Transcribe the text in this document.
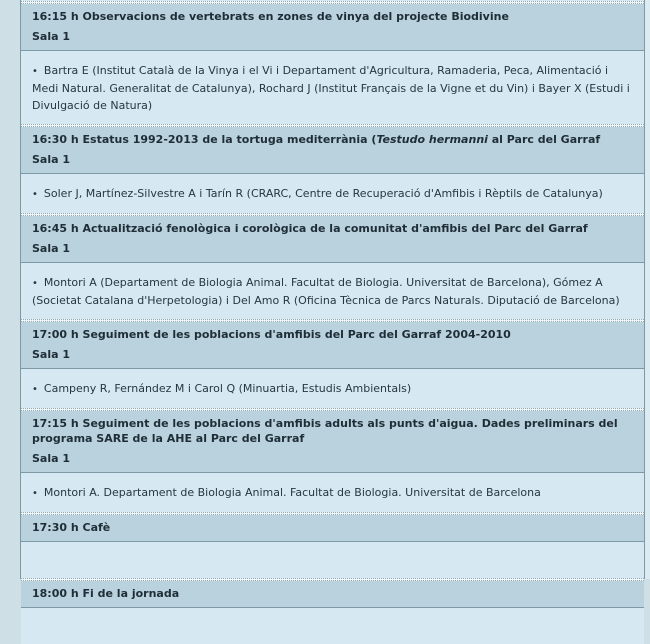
16:15 h Observacions de vertebrats en zones de vinya del projecte Biodivine
Sala 1
• Bartra E (Institut Català de la Vinya i el Vi i Departament d'Agricultura, Ramaderia, Peca, Alimentació i Medi Natural. Generalitat de Catalunya), Rochard J (Institut Français de la Vigne et du Vin) i Bayer X (Estudi i Divulgació de Natura)
16:30 h Estatus 1992-2013 de la tortuga mediterrània (Testudo hermanni al Parc del Garraf
Sala 1
• Soler J, Martínez-Silvestre A i Tarín R (CRARC, Centre de Recuperació d'Amfibis i Rèptils de Catalunya)
16:45 h Actualització fenològica i corològica de la comunitat d'amfibis del Parc del Garraf
Sala 1
• Montori A (Departament de Biologia Animal. Facultat de Biologia. Universitat de Barcelona), Gómez A (Societat Catalana d'Herpetologia) i Del Amo R (Oficina Tècnica de Parcs Naturals. Diputació de Barcelona)
17:00 h Seguiment de les poblacions d'amfibis del Parc del Garraf 2004-2010
Sala 1
• Campeny R, Fernández M i Carol Q (Minuartia, Estudis Ambientals)
17:15 h Seguiment de les poblacions d'amfibis adults als punts d'aigua. Dades preliminars del programa SARE de la AHE al Parc del Garraf
Sala 1
• Montori A. Departament de Biologia Animal. Facultat de Biologia. Universitat de Barcelona
17:30 h Cafè
18:00 h Fi de la jornada
